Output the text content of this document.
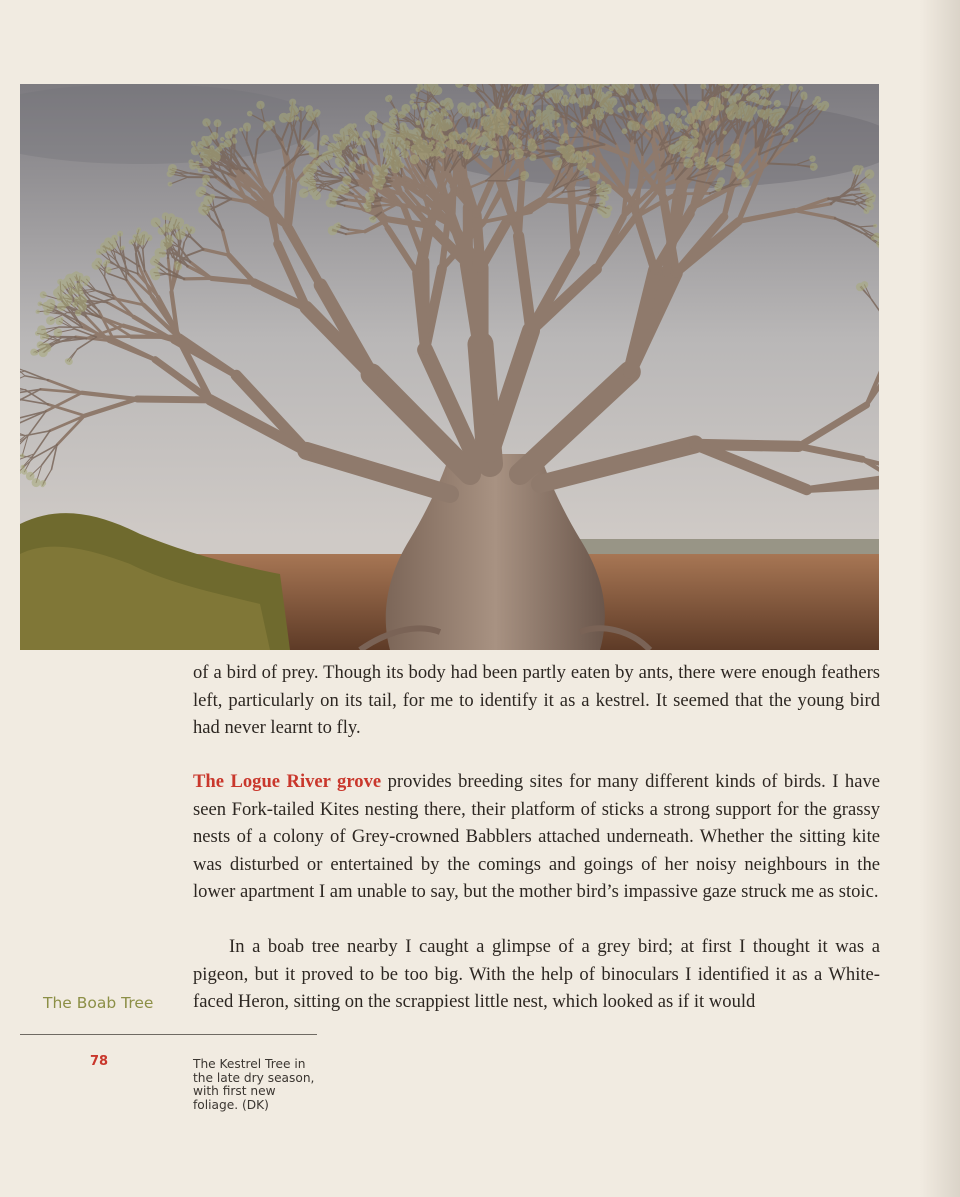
of a bird of prey. Though its body had been partly eaten by ants, there were enough feathers left, particularly on its tail, for me to identify it as a kestrel. It seemed that the young bird had never learnt to fly.

The Logue River grove provides breeding sites for many different kinds of birds. I have seen Fork-tailed Kites nesting there, their platform of sticks a strong support for the grassy nests of a colony of Grey-crowned Babblers attached underneath. Whether the sitting kite was disturbed or entertained by the comings and goings of her noisy neighbours in the lower apartment I am unable to say, but the mother bird’s impassive gaze struck me as stoic.

In a boab tree nearby I caught a glimpse of a grey bird; at first I thought it was a pigeon, but it proved to be too big. With the help of binoculars I identified it as a White-faced Heron, sitting on the scrappiest little nest, which looked as if it would

The Boab Tree
78	The Kestrel Tree in the late dry season, with first new foliage. (DK)
